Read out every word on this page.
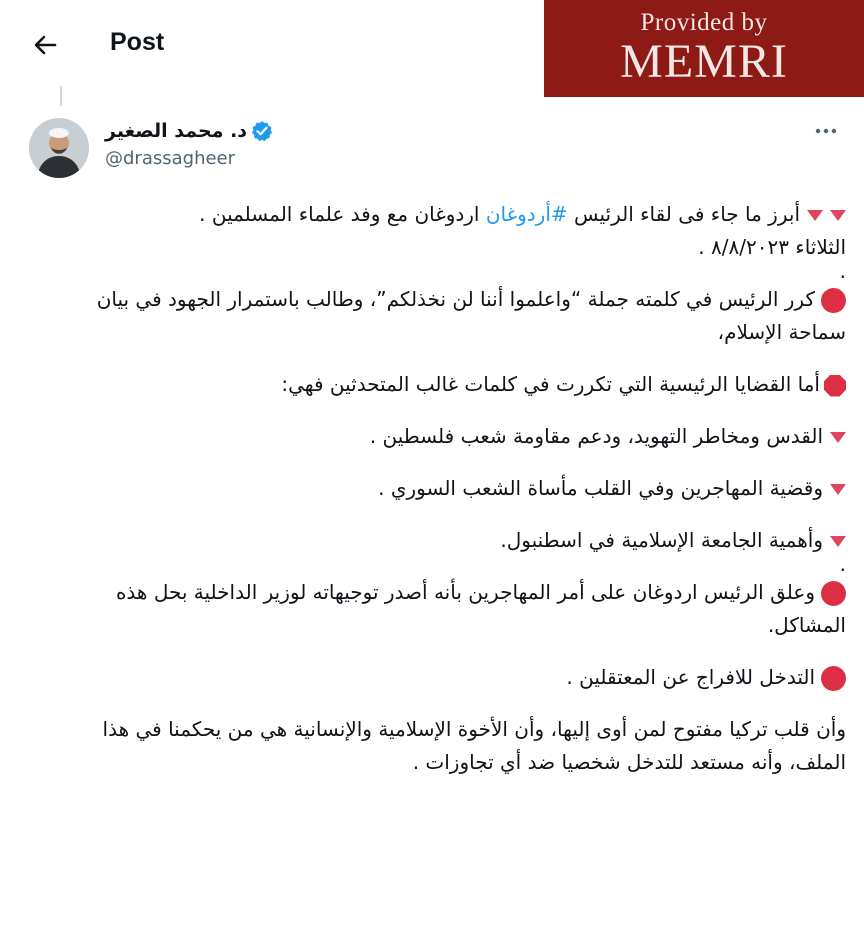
Post
Provided by
MEMRI
د. محمد الصغير
@drassagheer

أبرز ما جاء فى لقاء الرئيس #أردوغان اردوغان مع وفد علماء المسلمين .
الثلاثاء ٨/٨/٢٠٢٣ .

.

كرر الرئيس في كلمته جملة “واعلموا أننا لن نخذلكم”، وطالب باستمرار الجهود في بيان سماحة الإسلام،

أما القضايا الرئيسية التي تكررت في كلمات غالب المتحدثين فهي:

القدس ومخاطر التهويد، ودعم مقاومة شعب فلسطين .

وقضية المهاجرين وفي القلب مأساة الشعب السوري .

وأهمية الجامعة الإسلامية في اسطنبول.

.

وعلق الرئيس اردوغان على أمر المهاجرين بأنه أصدر توجيهاته لوزير الداخلية بحل هذه المشاكل.

التدخل للافراج عن المعتقلين .

وأن قلب تركيا مفتوح لمن أوى إليها، وأن الأخوة الإسلامية والإنسانية هي من يحكمنا في هذا الملف، وأنه مستعد للتدخل شخصيا ضد أي تجاوزات .
